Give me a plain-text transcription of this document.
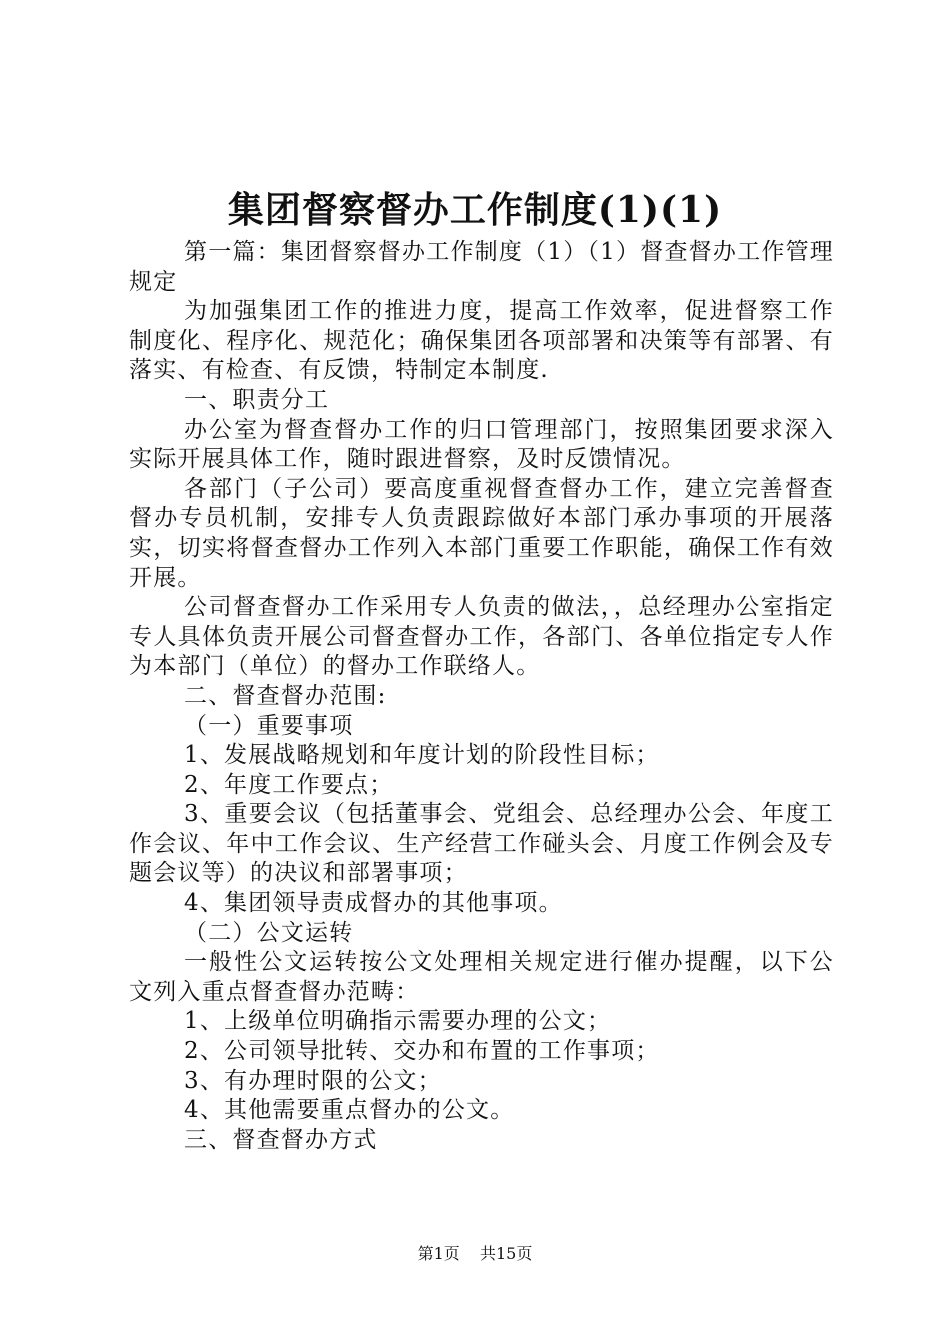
集团督察督办工作制度(1)(1)

第一篇：集团督察督办工作制度（1）（1）督查督办工作管理规定

为加强集团工作的推进力度，提高工作效率，促进督察工作制度化、程序化、规范化；确保集团各项部署和决策等有部署、有落实、有检查、有反馈，特制定本制度.

一、职责分工

办公室为督查督办工作的归口管理部门，按照集团要求深入实际开展具体工作，随时跟进督察，及时反馈情况。

各部门（子公司）要高度重视督查督办工作，建立完善督查督办专员机制，安排专人负责跟踪做好本部门承办事项的开展落实，切实将督查督办工作列入本部门重要工作职能，确保工作有效开展。

公司督查督办工作采用专人负责的做法，，总经理办公室指定专人具体负责开展公司督查督办工作，各部门、各单位指定专人作为本部门（单位）的督办工作联络人。

二、督查督办范围:

（一）重要事项

1、发展战略规划和年度计划的阶段性目标；

2、年度工作要点；

3、重要会议（包括董事会、党组会、总经理办公会、年度工作会议、年中工作会议、生产经营工作碰头会、月度工作例会及专题会议等）的决议和部署事项；

4、集团领导责成督办的其他事项。

（二）公文运转

一般性公文运转按公文处理相关规定进行催办提醒，以下公文列入重点督查督办范畴：

1、上级单位明确指示需要办理的公文；

2、公司领导批转、交办和布置的工作事项；

3、有办理时限的公文；

4、其他需要重点督办的公文。

三、督查督办方式

第1页 共15页
